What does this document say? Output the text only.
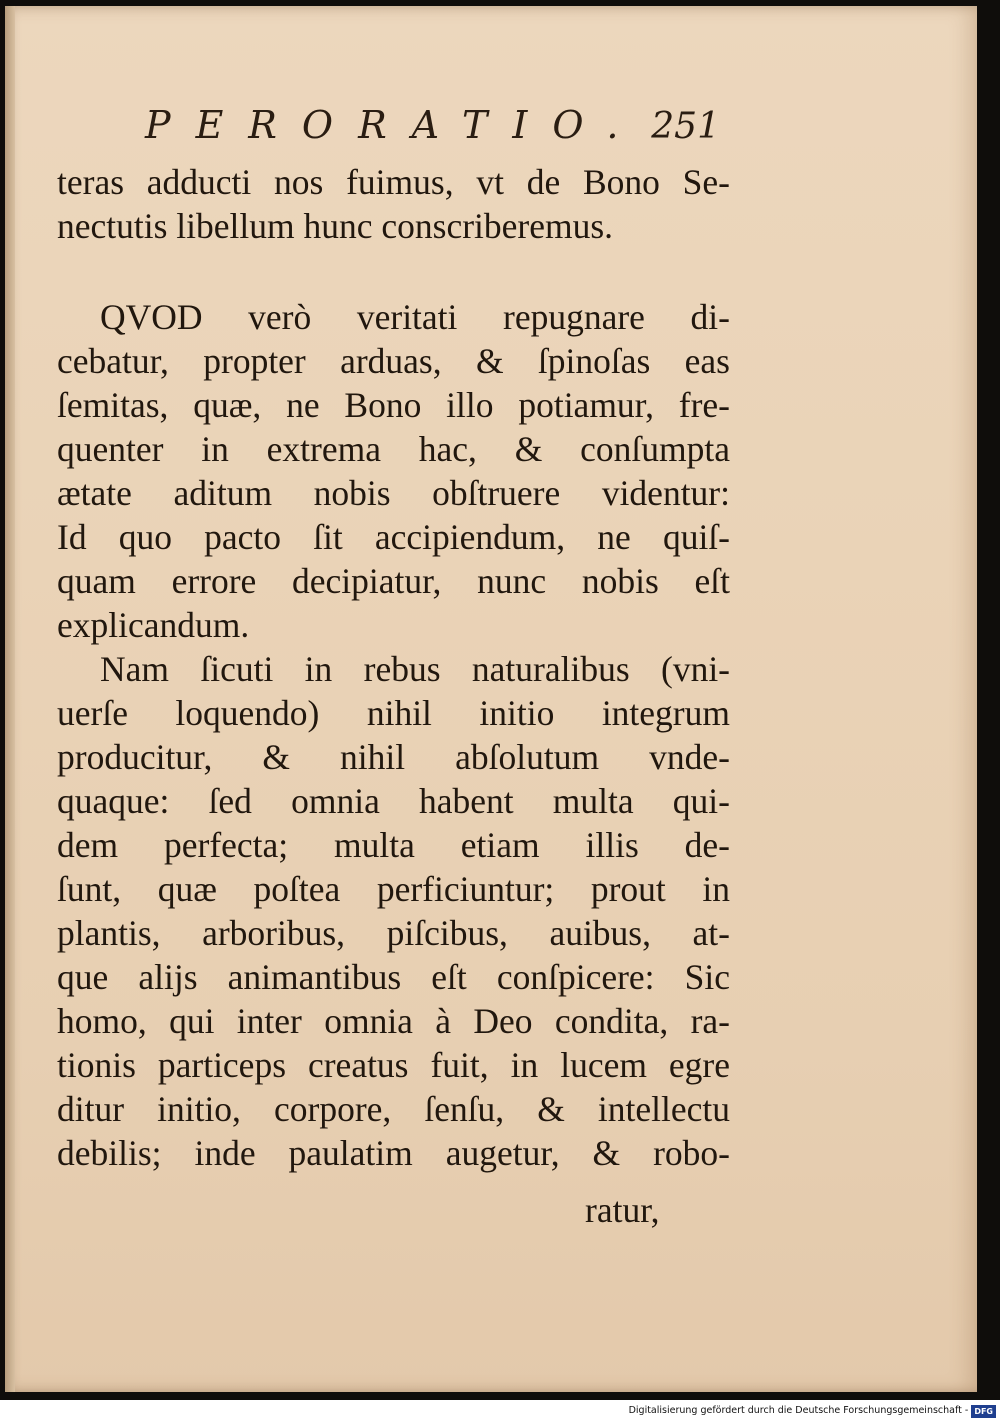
PERORATIO. 251
teras adducti nos fuimus, vt de Bono Se-
nectutis libellum hunc conscriberemus.
QVOD verò veritati repugnare di-
cebatur, propter arduas, & ſpinoſas eas
ſemitas, quæ, ne Bono illo potiamur, fre-
quenter in extrema hac, & conſumpta
ætate aditum nobis obſtruere videntur:
Id quo pacto ſit accipiendum, ne quiſ-
quam errore decipiatur, nunc nobis eſt
explicandum.
Nam ſicuti in rebus naturalibus (vni-
uerſe loquendo) nihil initio integrum
producitur, & nihil abſolutum vnde-
quaque: ſed omnia habent multa qui-
dem perfecta; multa etiam illis de-
ſunt, quæ poſtea perficiuntur; prout in
plantis, arboribus, piſcibus, auibus, at-
que alijs animantibus eſt conſpicere: Sic
homo, qui inter omnia à Deo condita, ra-
tionis particeps creatus fuit, in lucem egre
ditur initio, corpore, ſenſu, & intellectu
debilis; inde paulatim augetur, & robo-
ratur,
Digitalisierung gefördert durch die Deutsche Forschungsgemeinschaft - DFG
